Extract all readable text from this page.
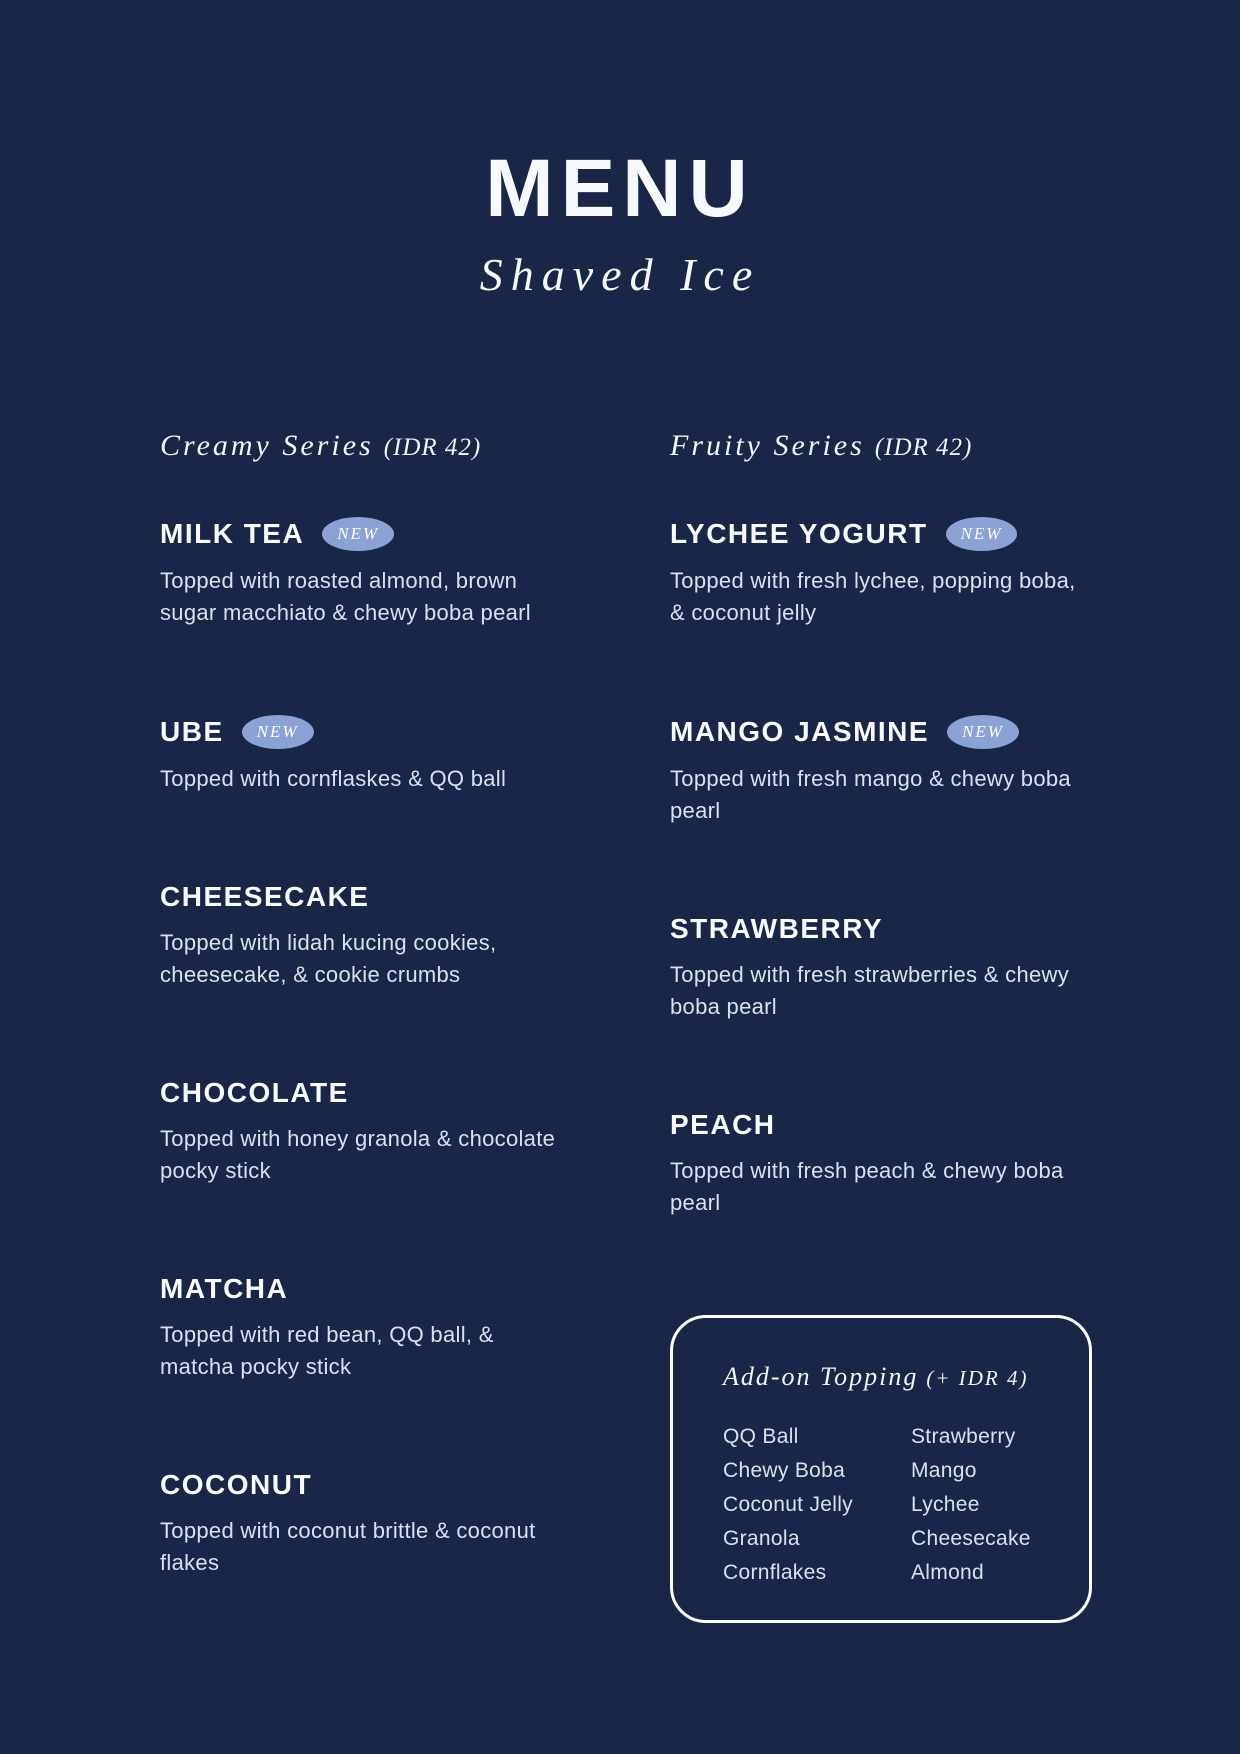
MENU
Shaved Ice
Creamy Series (IDR 42)
MILK TEA	NEW

Topped with roasted almond, brown sugar macchiato & chewy boba pearl

UBE	NEW

Topped with cornflaskes & QQ ball

CHEESECAKE

Topped with lidah kucing cookies, cheesecake, & cookie crumbs

CHOCOLATE

Topped with honey granola & chocolate pocky stick

MATCHA

Topped with red bean, QQ ball, & matcha pocky stick

COCONUT

Topped with coconut brittle & coconut flakes

Fruity Series (IDR 42)
LYCHEE YOGURT	NEW

Topped with fresh lychee, popping boba, & coconut jelly

MANGO JASMINE	NEW

Topped with fresh mango & chewy boba pearl

STRAWBERRY

Topped with fresh strawberries & chewy boba pearl

PEACH

Topped with fresh peach & chewy boba pearl

Add-on Topping (+ IDR 4)
QQ Ball
Chewy Boba
Coconut Jelly
Granola
Cornflakes
Strawberry
Mango
Lychee
Cheesecake
Almond
